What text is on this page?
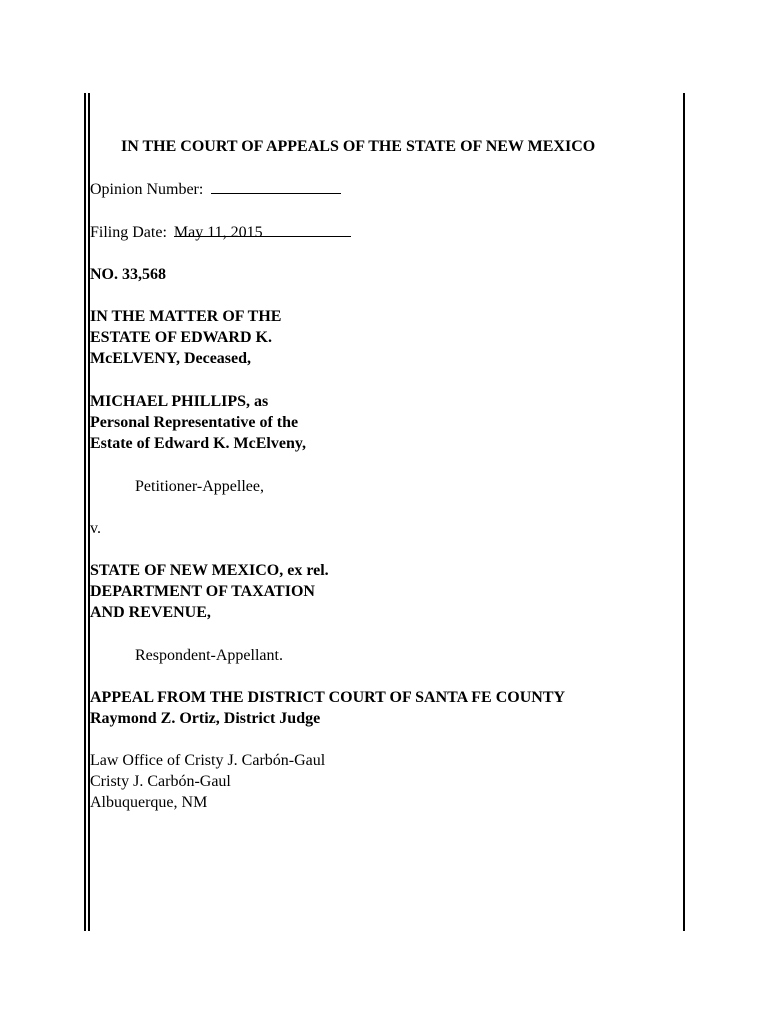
IN THE COURT OF APPEALS OF THE STATE OF NEW MEXICO
Opinion Number:
Filing Date: May 11, 2015
NO. 33,568
IN THE MATTER OF THE
ESTATE OF EDWARD K.
McELVENY, Deceased,
MICHAEL PHILLIPS, as
Personal Representative of the
Estate of Edward K. McElveny,
Petitioner-Appellee,
v.
STATE OF NEW MEXICO, ex rel.
DEPARTMENT OF TAXATION
AND REVENUE,
Respondent-Appellant.
APPEAL FROM THE DISTRICT COURT OF SANTA FE COUNTY
Raymond Z. Ortiz, District Judge
Law Office of Cristy J. Carbón-Gaul
Cristy J. Carbón-Gaul
Albuquerque, NM
